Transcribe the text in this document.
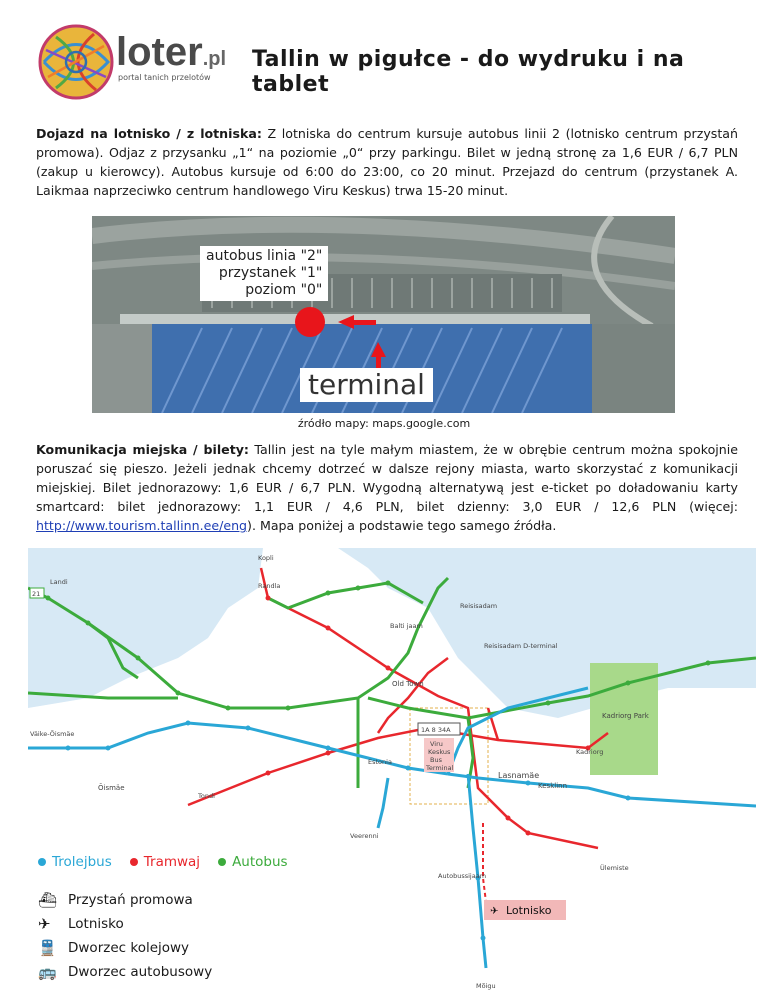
loter.pl
portal tanich przelotów
Tallin w pigułce - do wydruku i na tablet
Dojazd na lotnisko / z lotniska: Z lotniska do centrum kursuje autobus linii 2 (lotnisko centrum przystań promowa). Odjaz z przysanku „1“ na poziomie „0“ przy parkingu. Bilet w jedną stronę za 1,6 EUR / 6,7 PLN (zakup u kierowcy). Autobus kursuje od 6:00 do 23:00, co 20 minut. Przejazd do centrum (przystanek A. Laikmaa naprzeciwko centrum handlowego Viru Keskus) trwa 15-20 minut.
autobus linia "2"
przystanek "1"
poziom "0"
terminal
źródło mapy: maps.google.com
Komunikacja miejska / bilety: Tallin jest na tyle małym miastem, że w obrębie centrum można spokojnie poruszać się pieszo. Jeżeli jednak chcemy dotrzeć w dalsze rejony miasta, warto skorzystać z komunikacji miejskiej. Bilet jednorazowy: 1,6 EUR / 6,7 PLN. Wygodną alternatywą jest e-ticket po doładowaniu karty smartcard: bilet jednorazowy: 1,1 EUR / 4,6 PLN, bilet dzienny: 3,0 EUR / 12,6 PLN (więcej: http://www.tourism.tallinn.ee/eng). Mapa poniżej a podstawie tego samego źródła.
Kopli
Lasnamäe
Kesklinn
Kadriorg Park
Old Town
Õismäe
Landi
21
Randla
Väike-Õismäe
Tondi
Reisisadam
Kadriorg
Estonia
Ülemiste
Veerenni
Mõigu
1A 8 34A
Viru
Keskus
Bus
Terminal
Balti jaam
Reisisadam D-terminal
Autobussijaam
✈ Lotnisko
Trolejbus Tramwaj Autobus
⛴ Przystań promowa
✈	Lotnisko
🚆 Dworzec kolejowy
🚌 Dworzec autobusowy
